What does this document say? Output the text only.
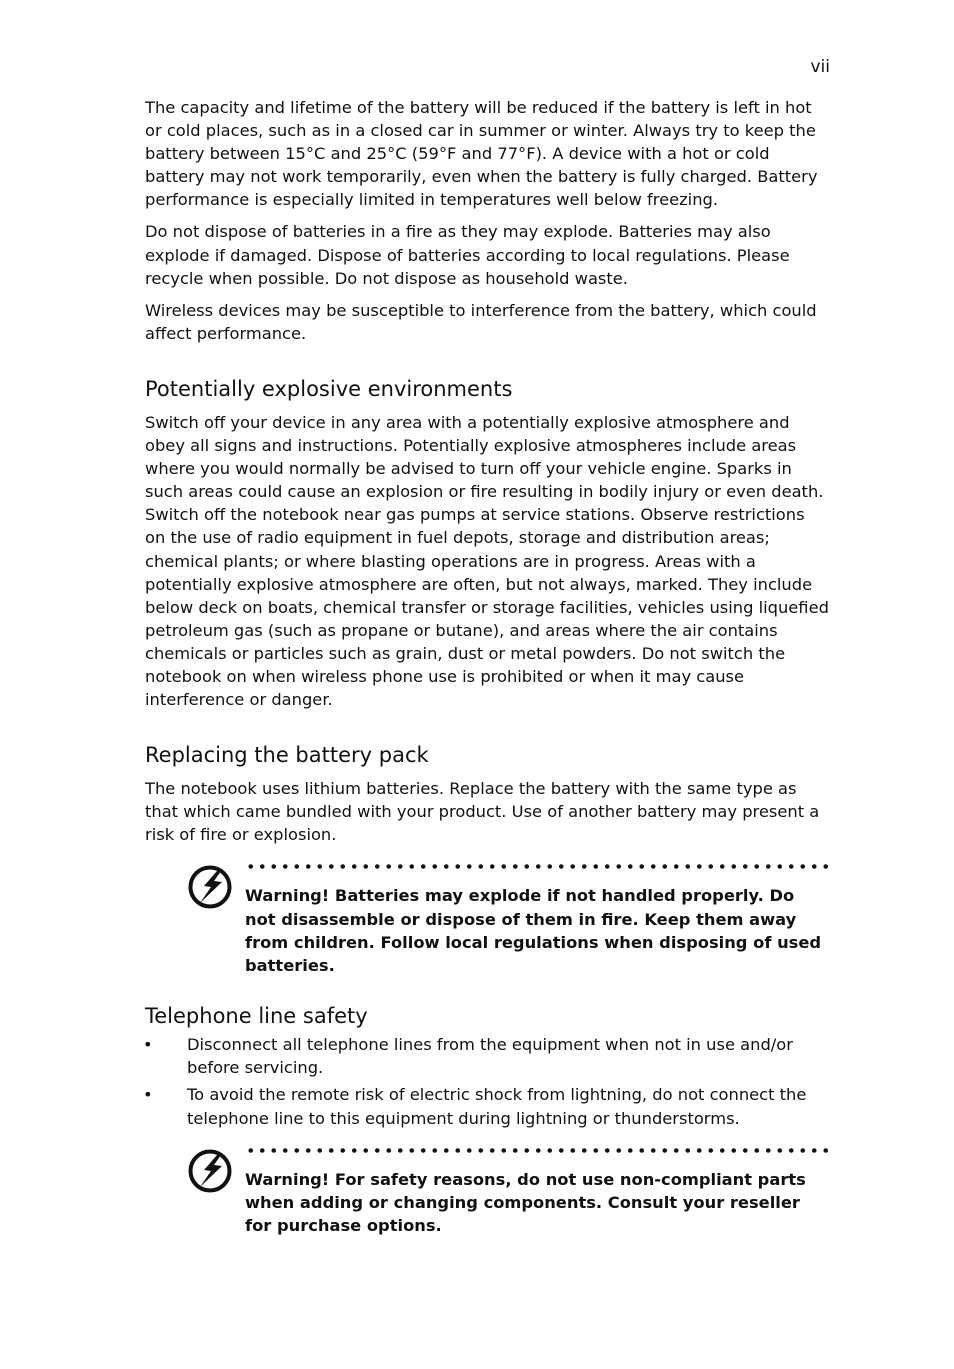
vii

The capacity and lifetime of the battery will be reduced if the battery is left in hot or cold places, such as in a closed car in summer or winter. Always try to keep the battery between 15°C and 25°C (59°F and 77°F). A device with a hot or cold battery may not work temporarily, even when the battery is fully charged. Battery performance is especially limited in temperatures well below freezing.

Do not dispose of batteries in a fire as they may explode. Batteries may also explode if damaged. Dispose of batteries according to local regulations. Please recycle when possible. Do not dispose as household waste.

Wireless devices may be susceptible to interference from the battery, which could affect performance.

Potentially explosive environments

Switch off your device in any area with a potentially explosive atmosphere and obey all signs and instructions. Potentially explosive atmospheres include areas where you would normally be advised to turn off your vehicle engine. Sparks in such areas could cause an explosion or fire resulting in bodily injury or even death. Switch off the notebook near gas pumps at service stations. Observe restrictions on the use of radio equipment in fuel depots, storage and distribution areas; chemical plants; or where blasting operations are in progress. Areas with a potentially explosive atmosphere are often, but not always, marked. They include below deck on boats, chemical transfer or storage facilities, vehicles using liquefied petroleum gas (such as propane or butane), and areas where the air contains chemicals or particles such as grain, dust or metal powders. Do not switch the notebook on when wireless phone use is prohibited or when it may cause interference or danger.

Replacing the battery pack

The notebook uses lithium batteries. Replace the battery with the same type as that which came bundled with your product. Use of another battery may present a risk of fire or explosion.

Warning! Batteries may explode if not handled properly. Do not disassemble or dispose of them in fire. Keep them away from children. Follow local regulations when disposing of used batteries.

Telephone line safety
• Disconnect all telephone lines from the equipment when not in use and/or before servicing.
• To avoid the remote risk of electric shock from lightning, do not connect the telephone line to this equipment during lightning or thunderstorms.

Warning! For safety reasons, do not use non-compliant parts when adding or changing components. Consult your reseller for purchase options.
